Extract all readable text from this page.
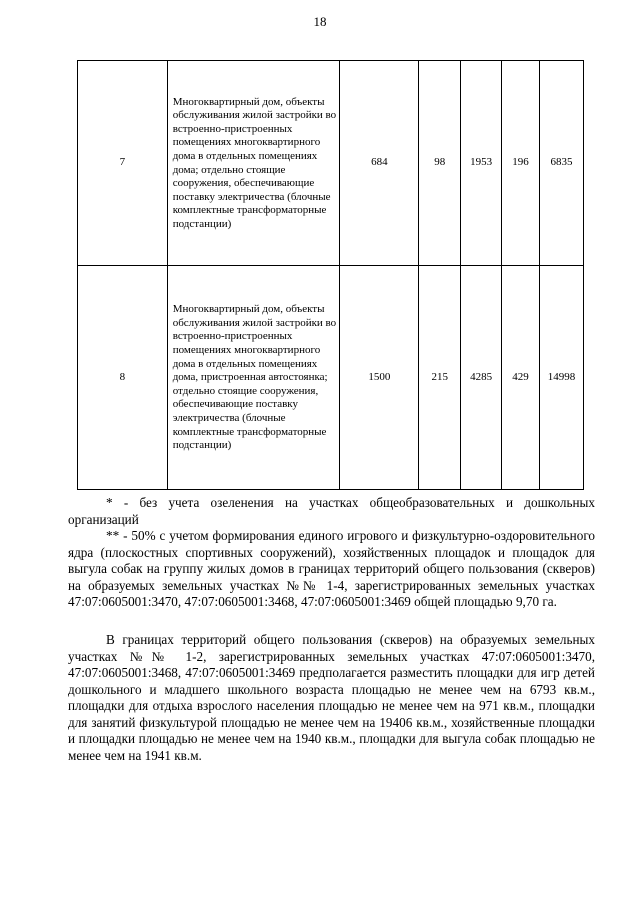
18
7	Многоквартирный дом, объекты обслуживания жилой застройки во встроенно-пристроенных помещениях многоквартирного дома в отдельных помещениях дома; отдельно стоящие сооружения, обеспечивающие поставку электричества (блочные комплектные трансформаторные подстанции)	684	98	1953	196	6835
8	Многоквартирный дом, объекты обслуживания жилой застройки во встроенно-пристроенных помещениях многоквартирного дома в отдельных помещениях дома, пристроенная автостоянка; отдельно стоящие сооружения, обеспечивающие поставку электричества (блочные комплектные трансформаторные подстанции)	1500	215	4285	429	14998
* - без учета озеленения на участках общеобразовательных и дошкольных организаций
** - 50% с учетом формирования единого игрового и физкультурно-оздоровительного ядра (плоскостных спортивных сооружений), хозяйственных площадок и площадок для выгула собак на группу жилых домов в границах территорий общего пользования (скверов) на образуемых земельных участках №№ 1-4, зарегистрированных земельных участках 47:07:0605001:3470, 47:07:0605001:3468, 47:07:0605001:3469 общей площадью 9,70 га.
В границах территорий общего пользования (скверов) на образуемых земельных участках №№ 1-2, зарегистрированных земельных участках 47:07:0605001:3470, 47:07:0605001:3468, 47:07:0605001:3469 предполагается разместить площадки для игр детей дошкольного и младшего школьного возраста площадью не менее чем на 6793 кв.м., площадки для отдыха взрослого населения площадью не менее чем на 971 кв.м., площадки для занятий физкультурой площадью не менее чем на 19406 кв.м., хозяйственные площадки и площадки площадью не менее чем на 1940 кв.м., площадки для выгула собак площадью не менее чем на 1941 кв.м.
